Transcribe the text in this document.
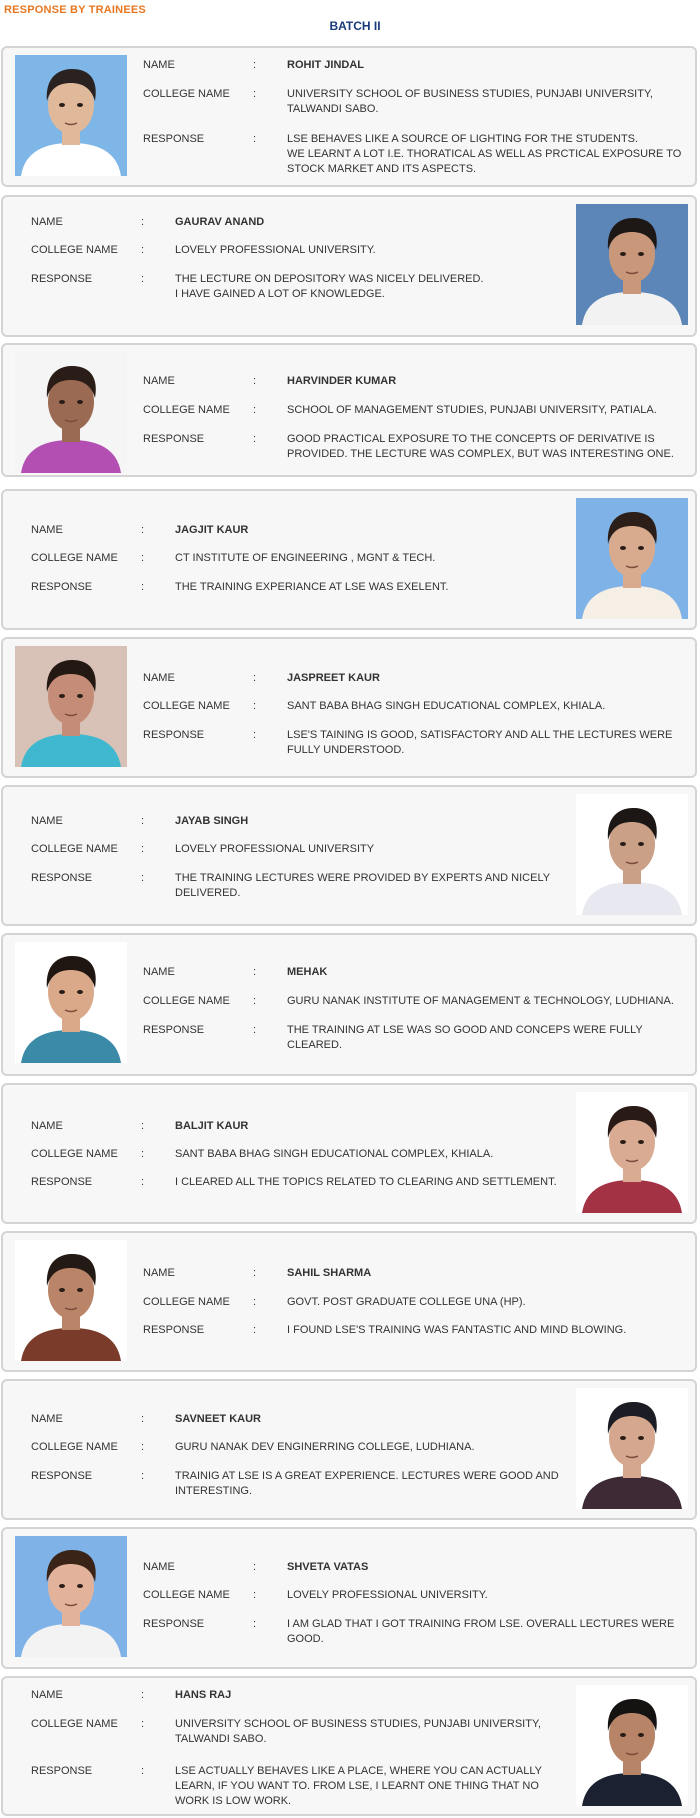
RESPONSE BY TRAINEES
BATCH II
NAME	:	ROHIT JINDAL
COLLEGE NAME	:	UNIVERSITY SCHOOL OF BUSINESS STUDIES, PUNJABI UNIVERSITY, TALWANDI SABO.
RESPONSE	:	LSE BEHAVES LIKE A SOURCE OF LIGHTING FOR THE STUDENTS.
WE LEARNT A LOT I.E. THORATICAL AS WELL AS PRCTICAL EXPOSURE TO STOCK MARKET AND ITS ASPECTS.
NAME	:	GAURAV ANAND
COLLEGE NAME	:	LOVELY PROFESSIONAL UNIVERSITY.
RESPONSE	:	THE LECTURE ON DEPOSITORY WAS NICELY DELIVERED.
I HAVE GAINED A LOT OF KNOWLEDGE.
NAME	:	HARVINDER KUMAR
COLLEGE NAME	:	SCHOOL OF MANAGEMENT STUDIES, PUNJABI UNIVERSITY, PATIALA.
RESPONSE	:	GOOD PRACTICAL EXPOSURE TO THE CONCEPTS OF DERIVATIVE IS PROVIDED. THE LECTURE WAS COMPLEX, BUT WAS INTERESTING ONE.
NAME	:	JAGJIT KAUR
COLLEGE NAME	:	CT INSTITUTE OF ENGINEERING , MGNT & TECH.
RESPONSE	:	THE TRAINING EXPERIANCE AT LSE WAS EXELENT.
NAME	:	JASPREET KAUR
COLLEGE NAME	:	SANT BABA BHAG SINGH EDUCATIONAL COMPLEX, KHIALA.
RESPONSE	:	LSE'S TAINING IS GOOD, SATISFACTORY AND ALL THE LECTURES WERE FULLY UNDERSTOOD.
NAME	:	JAYAB SINGH
COLLEGE NAME	:	LOVELY PROFESSIONAL UNIVERSITY
RESPONSE	:	THE TRAINING LECTURES WERE PROVIDED BY EXPERTS AND NICELY DELIVERED.
NAME	:	MEHAK
COLLEGE NAME	:	GURU NANAK INSTITUTE OF MANAGEMENT & TECHNOLOGY, LUDHIANA.
RESPONSE	:	THE TRAINING AT LSE WAS SO GOOD AND CONCEPS WERE FULLY CLEARED.
NAME	:	BALJIT KAUR
COLLEGE NAME	:	SANT BABA BHAG SINGH EDUCATIONAL COMPLEX, KHIALA.
RESPONSE	:	I CLEARED ALL THE TOPICS RELATED TO CLEARING AND SETTLEMENT.
NAME	:	SAHIL SHARMA
COLLEGE NAME	:	GOVT. POST GRADUATE COLLEGE UNA (HP).
RESPONSE	:	I FOUND LSE'S TRAINING WAS FANTASTIC AND MIND BLOWING.
NAME	:	SAVNEET KAUR
COLLEGE NAME	:	GURU NANAK DEV ENGINERRING COLLEGE, LUDHIANA.
RESPONSE	:	TRAINIG AT LSE IS A GREAT EXPERIENCE. LECTURES WERE GOOD AND
INTERESTING.
NAME	:	SHVETA VATAS
COLLEGE NAME	:	LOVELY PROFESSIONAL UNIVERSITY.
RESPONSE	:	I AM GLAD THAT I GOT TRAINING FROM LSE. OVERALL LECTURES WERE GOOD.
NAME	:	HANS RAJ
COLLEGE NAME	:	UNIVERSITY SCHOOL OF BUSINESS STUDIES, PUNJABI UNIVERSITY, TALWANDI SABO.
RESPONSE	:	LSE ACTUALLY BEHAVES LIKE A PLACE, WHERE YOU CAN ACTUALLY LEARN, IF YOU WANT TO. FROM LSE, I LEARNT ONE THING THAT NO WORK IS LOW WORK.
